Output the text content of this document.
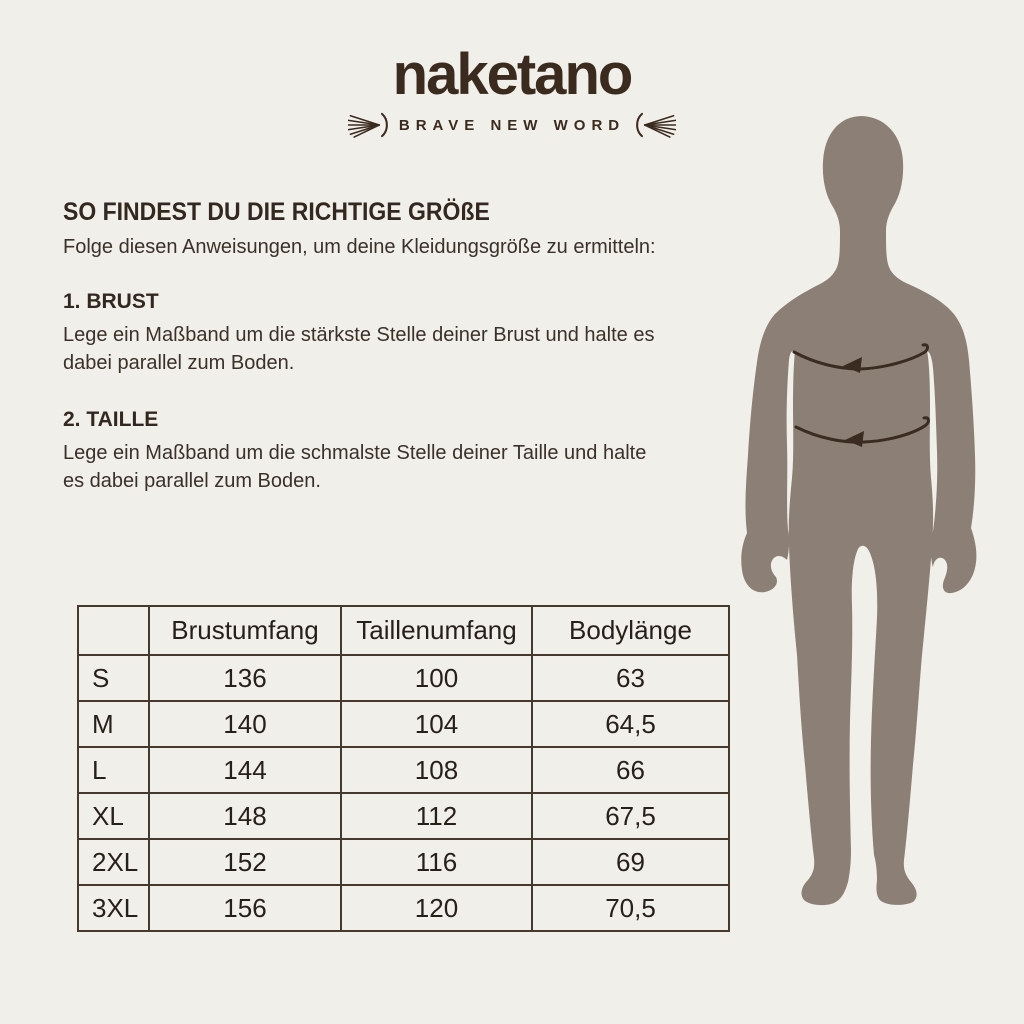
naketano
BRAVE NEW WORD
SO FINDEST DU DIE RICHTIGE GRÖßE

Folge diesen Anweisungen, um deine Kleidungsgröße zu ermitteln:

1. BRUST

Lege ein Maßband um die stärkste Stelle deiner Brust und halte es dabei parallel zum Boden.

2. TAILLE

Lege ein Maßband um die schmalste Stelle deiner Taille und halte es dabei parallel zum Boden.

	Brustumfang	Taillenumfang	Bodylänge
S	136	100	63
M	140	104	64,5
L	144	108	66
XL	148	112	67,5
2XL	152	116	69
3XL	156	120	70,5
